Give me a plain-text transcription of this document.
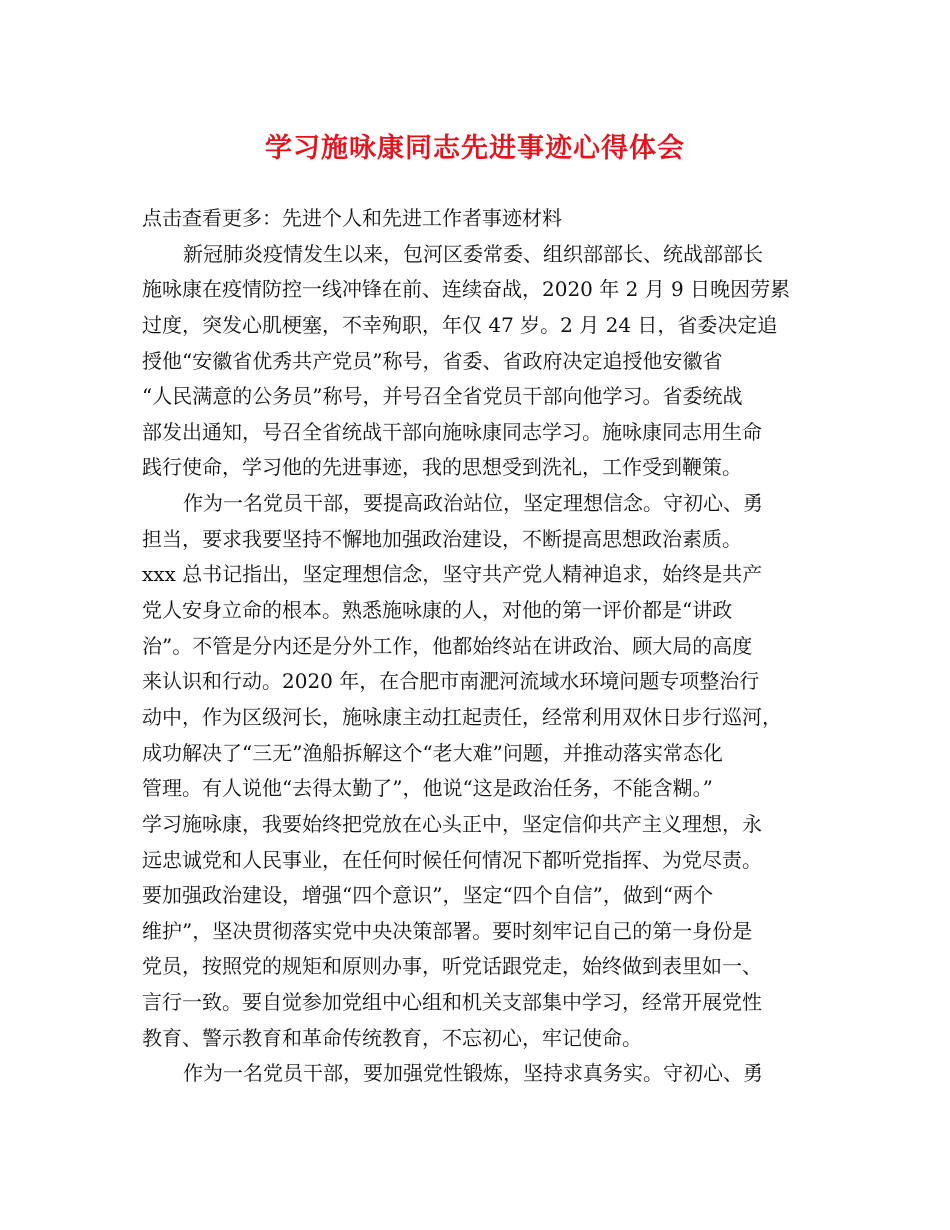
学习施咏康同志先进事迹心得体会
点击查看更多：先进个人和先进工作者事迹材料
新冠肺炎疫情发生以来，包河区委常委、组织部部长、统战部部长
施咏康在疫情防控一线冲锋在前、连续奋战，2020 年 2 月 9 日晚因劳累
过度，突发心肌梗塞，不幸殉职，年仅 47 岁。2 月 24 日，省委决定追
授他“安徽省优秀共产党员”称号，省委、省政府决定追授他安徽省
“人民满意的公务员”称号，并号召全省党员干部向他学习。省委统战
部发出通知，号召全省统战干部向施咏康同志学习。施咏康同志用生命
践行使命，学习他的先进事迹，我的思想受到洗礼，工作受到鞭策。
作为一名党员干部，要提高政治站位，坚定理想信念。守初心、勇
担当，要求我要坚持不懈地加强政治建设，不断提高思想政治素质。
xxx 总书记指出，坚定理想信念，坚守共产党人精神追求，始终是共产
党人安身立命的根本。熟悉施咏康的人，对他的第一评价都是“讲政
治”。不管是分内还是分外工作，他都始终站在讲政治、顾大局的高度
来认识和行动。2020 年，在合肥市南淝河流域水环境问题专项整治行
动中，作为区级河长，施咏康主动扛起责任，经常利用双休日步行巡河，
成功解决了“三无”渔船拆解这个“老大难”问题，并推动落实常态化
管理。有人说他“去得太勤了”，他说“这是政治任务，不能含糊。”
学习施咏康，我要始终把党放在心头正中，坚定信仰共产主义理想，永
远忠诚党和人民事业，在任何时候任何情况下都听党指挥、为党尽责。
要加强政治建设，增强“四个意识”，坚定“四个自信”，做到“两个
维护”，坚决贯彻落实党中央决策部署。要时刻牢记自己的第一身份是
党员，按照党的规矩和原则办事，听党话跟党走，始终做到表里如一、
言行一致。要自觉参加党组中心组和机关支部集中学习，经常开展党性
教育、警示教育和革命传统教育，不忘初心，牢记使命。
作为一名党员干部，要加强党性锻炼，坚持求真务实。守初心、勇
